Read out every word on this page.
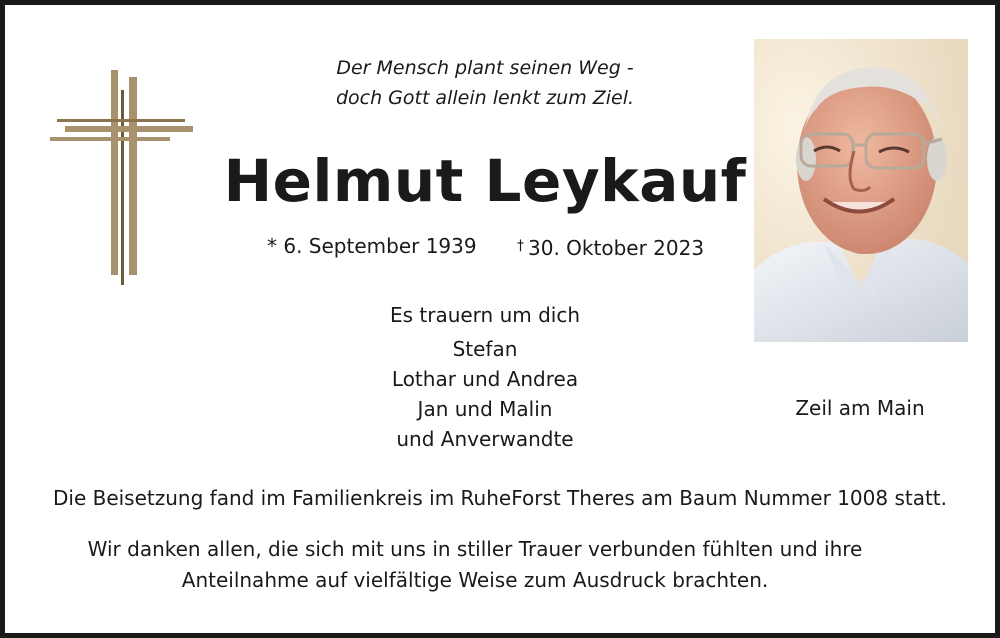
Der Mensch plant seinen Weg -
doch Gott allein lenkt zum Ziel.
Helmut Leykauf
* 6. September 1939	† 30. Oktober 2023
Es trauern um dich
Stefan
Lothar und Andrea
Jan und Malin
und Anverwandte
Zeil am Main
Die Beisetzung fand im Familienkreis im RuheForst Theres am Baum Nummer 1008 statt.
Wir danken allen, die sich mit uns in stiller Trauer verbunden fühlten und ihre
Anteilnahme auf vielfältige Weise zum Ausdruck brachten.
